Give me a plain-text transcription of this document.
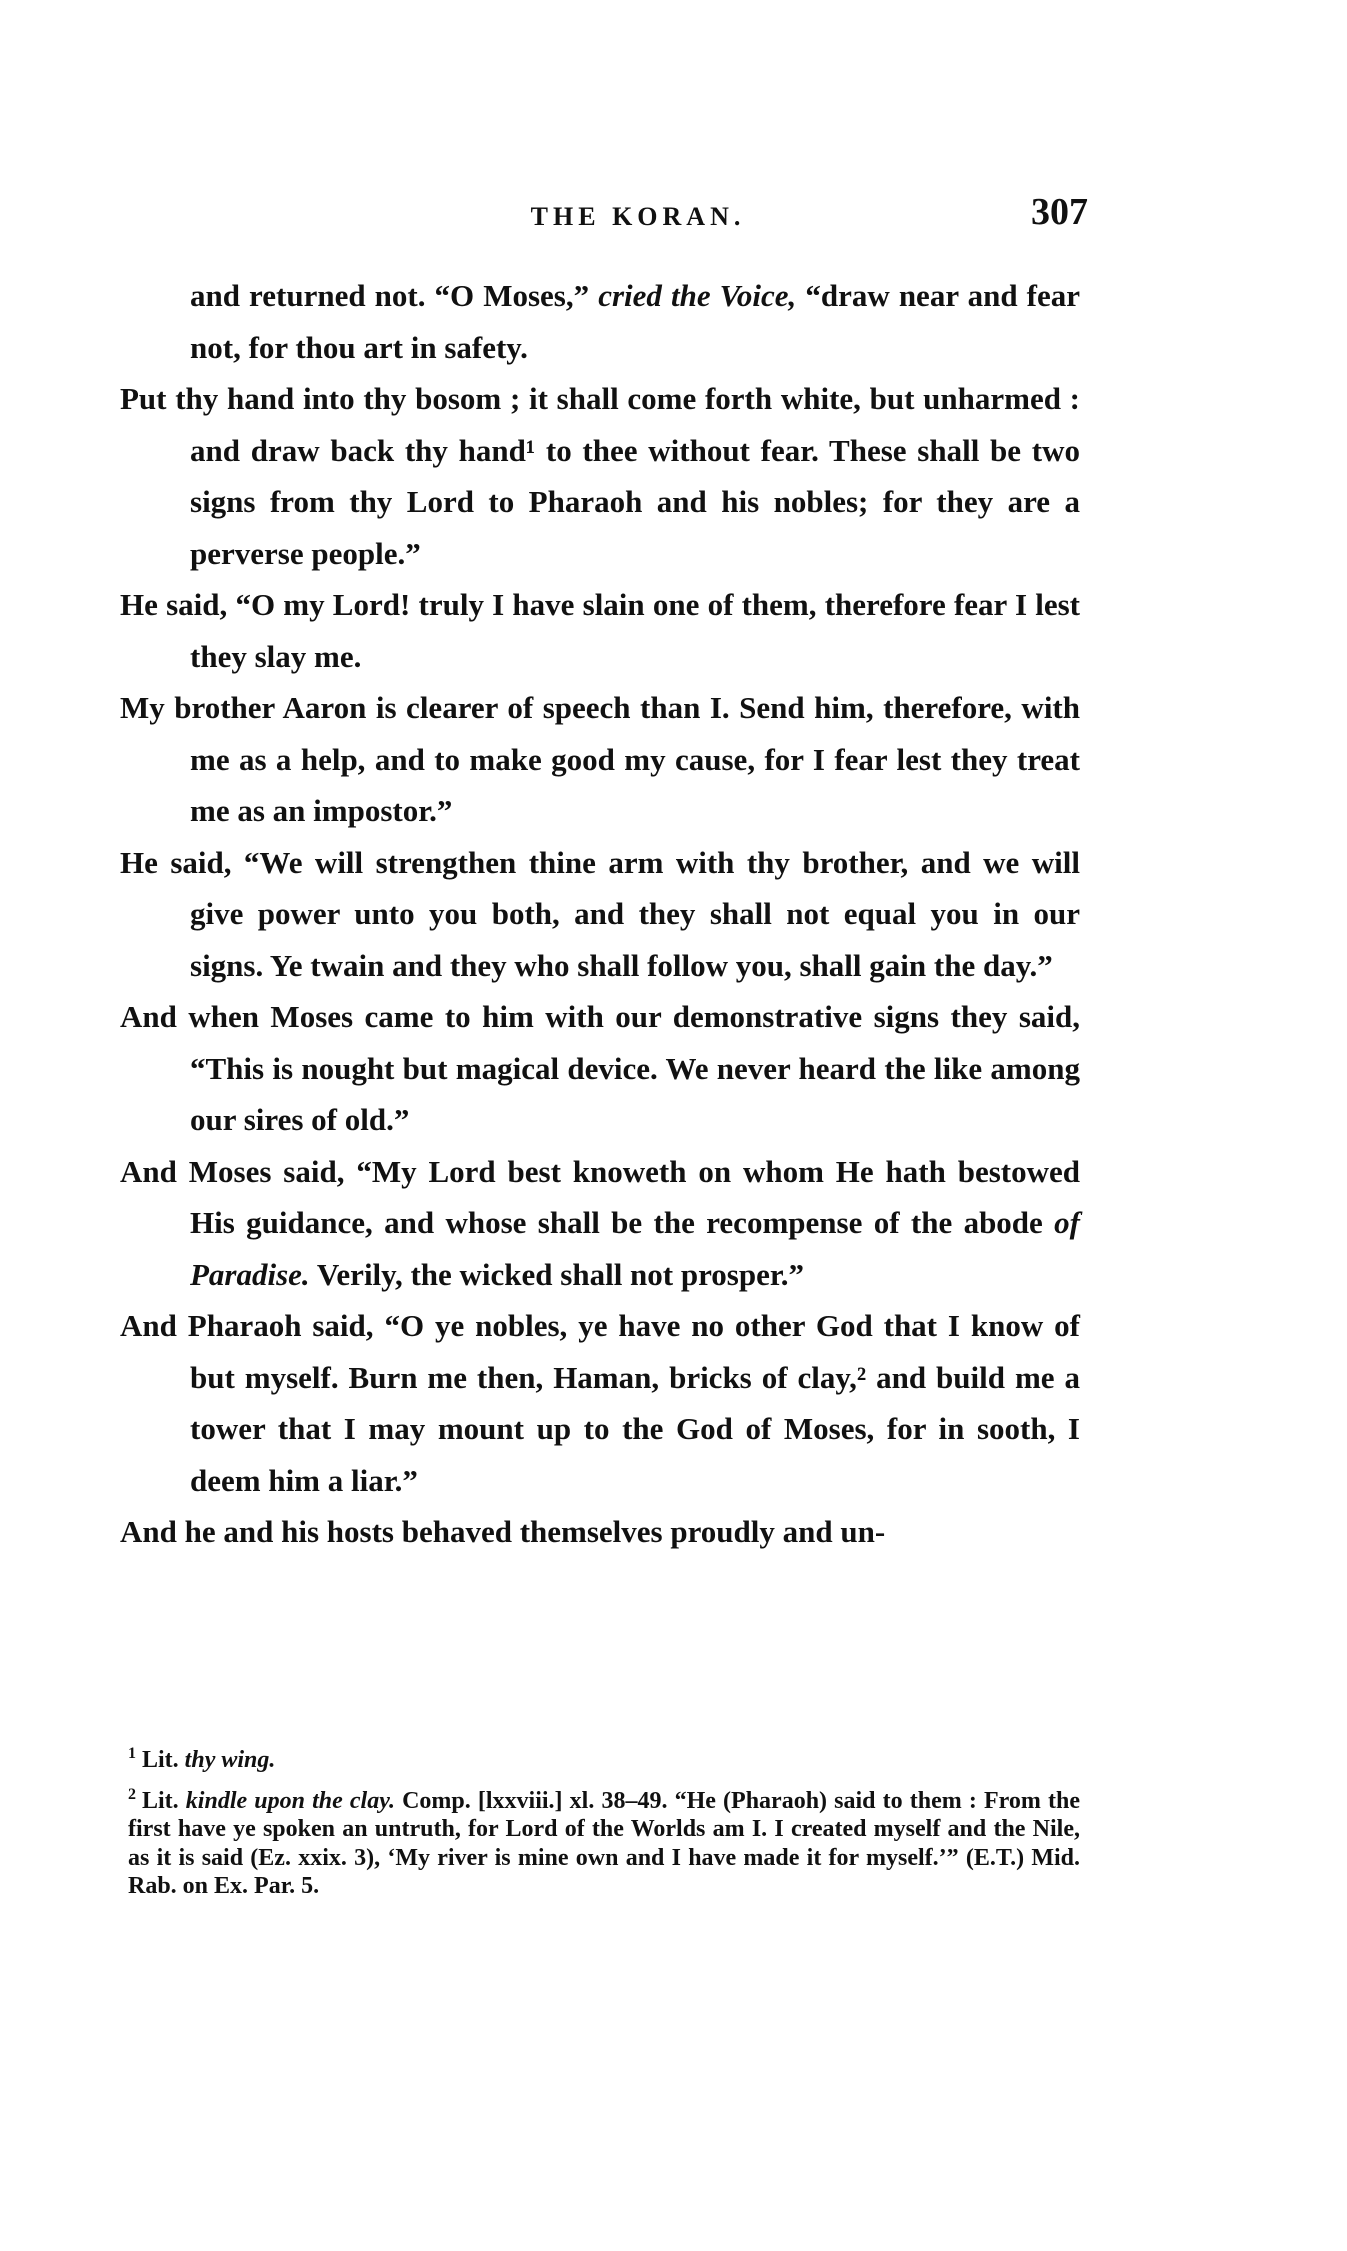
THE KORAN.	307

and returned not. “O Moses,” cried the Voice, “draw near and fear not, for thou art in safety.

Put thy hand into thy bosom ; it shall come forth white, but unharmed : and draw back thy hand¹ to thee without fear. These shall be two signs from thy Lord to Pharaoh and his nobles; for they are a perverse people.”

He said, “O my Lord! truly I have slain one of them, therefore fear I lest they slay me.

My brother Aaron is clearer of speech than I. Send him, therefore, with me as a help, and to make good my cause, for I fear lest they treat me as an impostor.”

He said, “We will strengthen thine arm with thy brother, and we will give power unto you both, and they shall not equal you in our signs. Ye twain and they who shall follow you, shall gain the day.”

And when Moses came to him with our demonstrative signs they said, “This is nought but magical device. We never heard the like among our sires of old.”

And Moses said, “My Lord best knoweth on whom He hath bestowed His guidance, and whose shall be the recompense of the abode of Paradise. Verily, the wicked shall not prosper.”

And Pharaoh said, “O ye nobles, ye have no other God that I know of but myself. Burn me then, Haman, bricks of clay,² and build me a tower that I may mount up to the God of Moses, for in sooth, I deem him a liar.”

And he and his hosts behaved themselves proudly and un-

$^1$ Lit. thy wing.

$^2$ Lit. kindle upon the clay. Comp. [lxxviii.] xl. 38–49. “He (Pharaoh) said to them : From the first have ye spoken an untruth, for Lord of the Worlds am I. I created myself and the Nile, as it is said (Ez. xxix. 3), ‘My river is mine own and I have made it for myself.’” (E.T.) Mid. Rab. on Ex. Par. 5.
